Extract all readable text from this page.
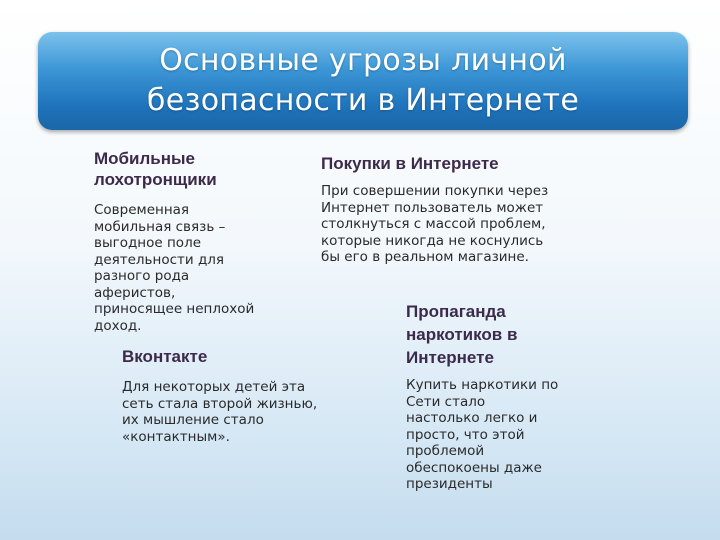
Основные угрозы личной
безопасности в Интернете
Мобильные
лохотронщики
Современная
мобильная связь –
выгодное поле
деятельности для
разного рода
аферистов,
приносящее неплохой
доход.
Покупки в Интернете
При совершении покупки через
Интернет пользователь может
столкнуться с массой проблем,
которые никогда не коснулись
бы его в реальном магазине.
Вконтакте
Для некоторых детей эта
сеть стала второй жизнью,
их мышление стало
«контактным».
Пропаганда
наркотиков в
Интернете
Купить наркотики по
Сети стало
настолько легко и
просто, что этой
проблемой
обеспокоены даже
президенты
